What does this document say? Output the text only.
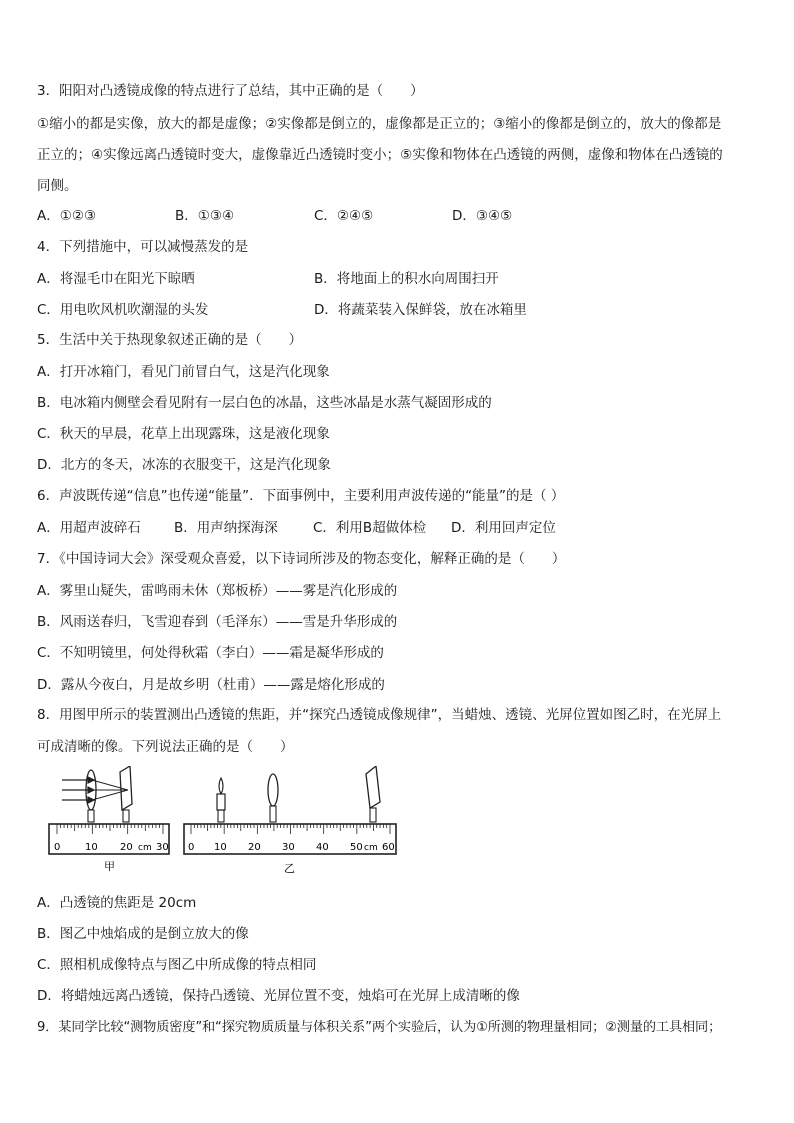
3．阳阳对凸透镜成像的特点进行了总结，其中正确的是（　　）
①缩小的都是实像，放大的都是虚像；②实像都是倒立的，虚像都是正立的；③缩小的像都是倒立的，放大的像都是
正立的；④实像远离凸透镜时变大，虚像靠近凸透镜时变小；⑤实像和物体在凸透镜的两侧，虚像和物体在凸透镜的
同侧。
A．①②③	B．①③④	C．②④⑤	D．③④⑤
4．下列措施中，可以减慢蒸发的是
A．将湿毛巾在阳光下晾晒	B．将地面上的积水向周围扫开
C．用电吹风机吹潮湿的头发	D．将蔬菜装入保鲜袋，放在冰箱里
5．生活中关于热现象叙述正确的是（　　）
A．打开冰箱门，看见门前冒白气，这是汽化现象
B．电冰箱内侧壁会看见附有一层白色的冰晶，这些冰晶是水蒸气凝固形成的
C．秋天的早晨，花草上出现露珠，这是液化现象
D．北方的冬天，冰冻的衣服变干，这是汽化现象
6．声波既传递“信息”也传递“能量”．下面事例中，主要利用声波传递的“能量”的是（ ）
A．用超声波碎石 B．用声纳探海深	C．利用B超做体检 D．利用回声定位
7．《中国诗词大会》深受观众喜爱，以下诗词所涉及的物态变化，解释正确的是（　　）
A．雾里山疑失，雷鸣雨未休（郑板桥）——雾是汽化形成的
B．风雨送春归，飞雪迎春到（毛泽东）——雪是升华形成的
C．不知明镜里，何处得秋霜（李白）——霜是凝华形成的
D．露从今夜白，月是故乡明（杜甫）——露是熔化形成的
8．用图甲所示的装置测出凸透镜的焦距，并“探究凸透镜成像规律”，当蜡烛、透镜、光屏位置如图乙时，在光屏上
可成清晰的像。下列说法正确的是（　　）
0 10 20 cm 30
甲
0 10 20 30 40 50 cm 60
乙
A．凸透镜的焦距是 20cm
B．图乙中烛焰成的是倒立放大的像
C．照相机成像特点与图乙中所成像的特点相同
D．将蜡烛远离凸透镜，保持凸透镜、光屏位置不变，烛焰可在光屏上成清晰的像
9．某同学比较“测物质密度”和“探究物质质量与体积关系”两个实验后，认为①所测的物理量相同；②测量的工具相同；
